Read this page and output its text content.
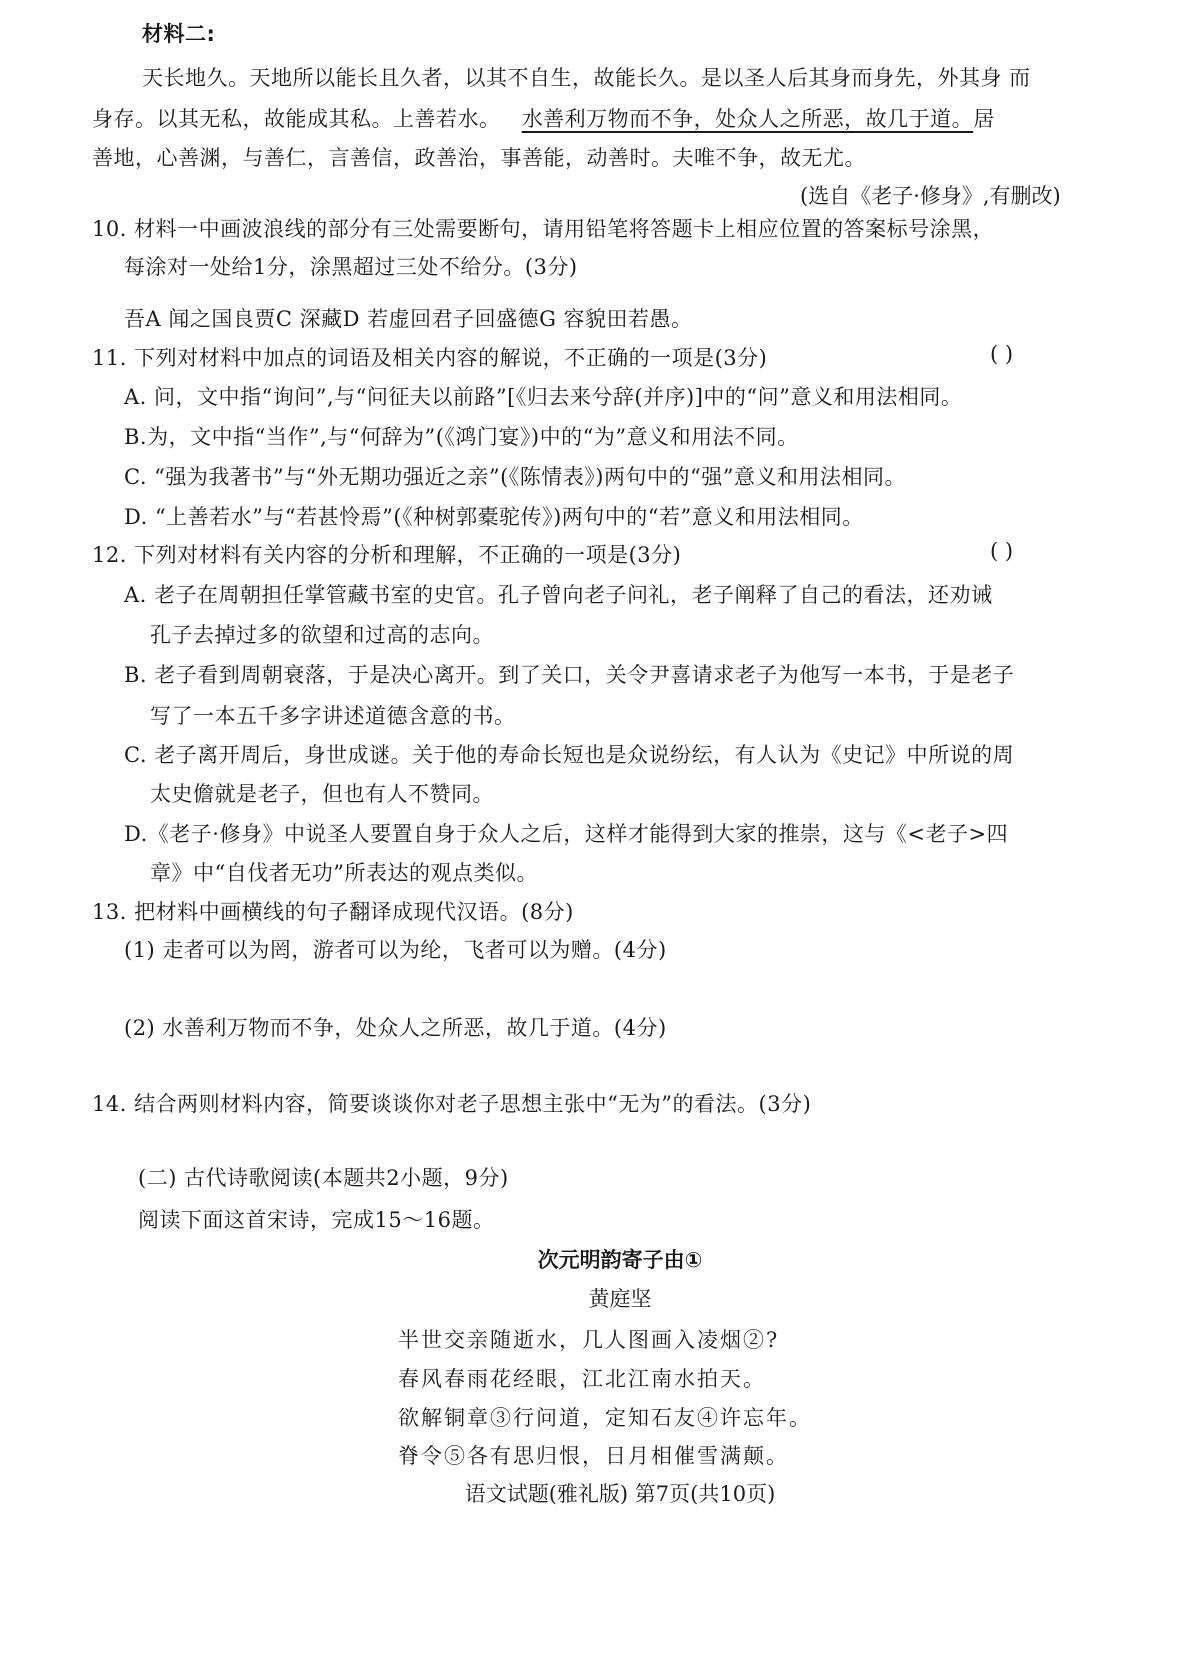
材料二:
天长地久。天地所以能长且久者，以其不自生，故能长久。是以圣人后其身而身先，外其身 而
身存。以其无私，故能成其私。上善若水。 水善利万物而不争，处众人之所恶，故几于道。居
善地，心善渊，与善仁，言善信，政善治，事善能，动善时。夫唯不争，故无尤。
(选自《老子·修身》,有删改)
10. 材料一中画波浪线的部分有三处需要断句，请用铅笔将答题卡上相应位置的答案标号涂黑，
每涂对一处给1分，涂黑超过三处不给分。(3分)
吾A 闻之国良贾C 深藏D 若虚回君子回盛德G 容貌田若愚。
11. 下列对材料中加点的词语及相关内容的解说，不正确的一项是(3分)	( )
A. 问，文中指“询问”,与“问征夫以前路”[《归去来兮辞(并序)]中的“问”意义和用法相同。
B.为，文中指“当作”,与“何辞为”(《鸿门宴》)中的“为”意义和用法不同。
C. “强为我著书”与“外无期功强近之亲”(《陈情表》)两句中的“强”意义和用法相同。
D. “上善若水”与“若甚怜焉”(《种树郭橐驼传》)两句中的“若”意义和用法相同。
12. 下列对材料有关内容的分析和理解，不正确的一项是(3分)	( )
A. 老子在周朝担任掌管藏书室的史官。孔子曾向老子问礼，老子阐释了自己的看法，还劝诫
孔子去掉过多的欲望和过高的志向。
B. 老子看到周朝衰落，于是决心离开。到了关口，关令尹喜请求老子为他写一本书，于是老子
写了一本五千多字讲述道德含意的书。
C. 老子离开周后，身世成谜。关于他的寿命长短也是众说纷纭，有人认为《史记》中所说的周
太史儋就是老子，但也有人不赞同。
D.《老子·修身》中说圣人要置自身于众人之后，这样才能得到大家的推崇，这与《<老子>四
章》中“自伐者无功”所表达的观点类似。
13. 把材料中画横线的句子翻译成现代汉语。(8分)
(1) 走者可以为罔，游者可以为纶，飞者可以为赠。(4分)
(2) 水善利万物而不争，处众人之所恶，故几于道。(4分)
14. 结合两则材料内容，简要谈谈你对老子思想主张中“无为”的看法。(3分)
(二) 古代诗歌阅读(本题共2小题，9分)
阅读下面这首宋诗，完成15～16题。
次元明韵寄子由①
黄庭坚
半世交亲随逝水，几人图画入凌烟②?
春风春雨花经眼，江北江南水拍天。
欲解铜章③行问道，定知石友④许忘年。
脊令⑤各有思归恨，日月相催雪满颠。
语文试题(雅礼版) 第7页(共10页)
